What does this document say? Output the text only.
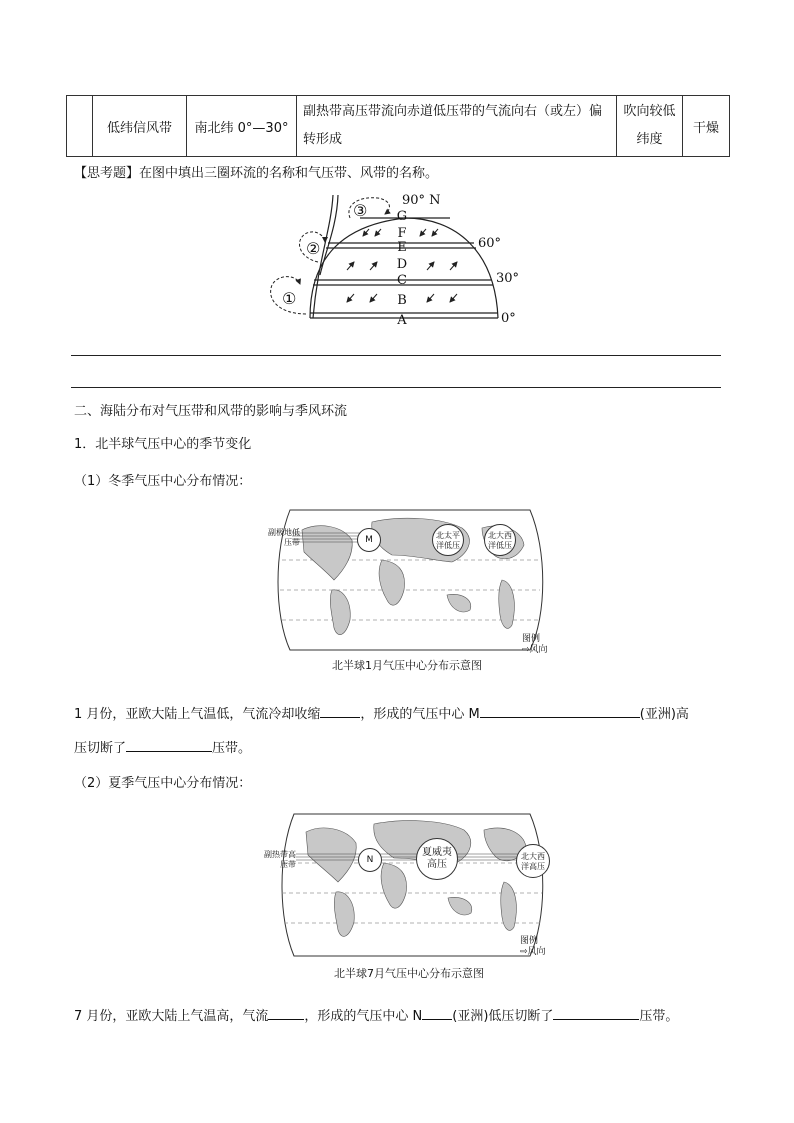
	低纬信风带	南北纬 0°—30°	副热带高压带流向赤道低压带的气流向右（或左）偏转形成	吹向较低纬度	干燥
【思考题】在图中填出三圈环流的名称和气压带、风带的名称。
G
F
E
D
C
B
A
90° N
60°
30°
0°
③
②
①
二、海陆分布对气压带和风带的影响与季风环流
1．北半球气压中心的季节变化
（1）冬季气压中心分布情况：
M	北太平
洋低压
北大西
洋低压
副极地低
压带
图例
⇨风向
北半球1月气压中心分布示意图
1 月份，亚欧大陆上气温低，气流冷却收缩	，形成的气压中心 M	(亚洲)高
压切断了	压带。
（2）夏季气压中心分布情况：
N
夏威夷
高压
北大西
洋高压
副热带高
压带
图例
⇨风向
北半球7月气压中心分布示意图
7 月份，亚欧大陆上气温高，气流	，形成的气压中心 N (亚洲)低压切断了	压带。
